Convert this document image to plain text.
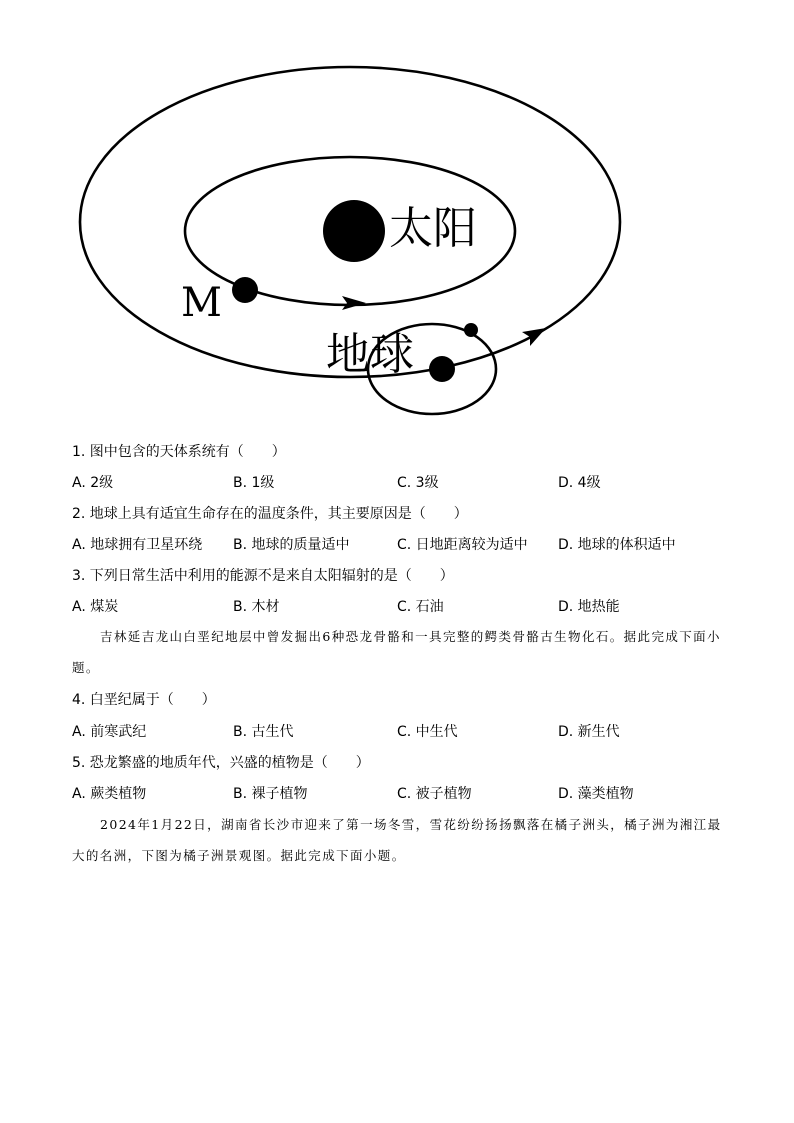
太阳
M
地球
1. 图中包含的天体系统有（　　）
A. 2级	B. 1级	C. 3级	D. 4级
2. 地球上具有适宜生命存在的温度条件，其主要原因是（　　）
A. 地球拥有卫星环绕 B. 地球的质量适中	C. 日地距离较为适中 D. 地球的体积适中
3. 下列日常生活中利用的能源不是来自太阳辐射的是（　　）
A. 煤炭	B. 木材	C. 石油	D. 地热能
吉林延吉龙山白垩纪地层中曾发掘出6种恐龙骨骼和一具完整的鳄类骨骼古生物化石。据此完成下面小题。
4. 白垩纪属于（　　）
A. 前寒武纪	B. 古生代	C. 中生代	D. 新生代
5. 恐龙繁盛的地质年代，兴盛的植物是（　　）
A. 蕨类植物	B. 裸子植物	C. 被子植物	D. 藻类植物
2024年1月22日，湖南省长沙市迎来了第一场冬雪，雪花纷纷扬扬飘落在橘子洲头，橘子洲为湘江最大的名洲，下图为橘子洲景观图。据此完成下面小题。
